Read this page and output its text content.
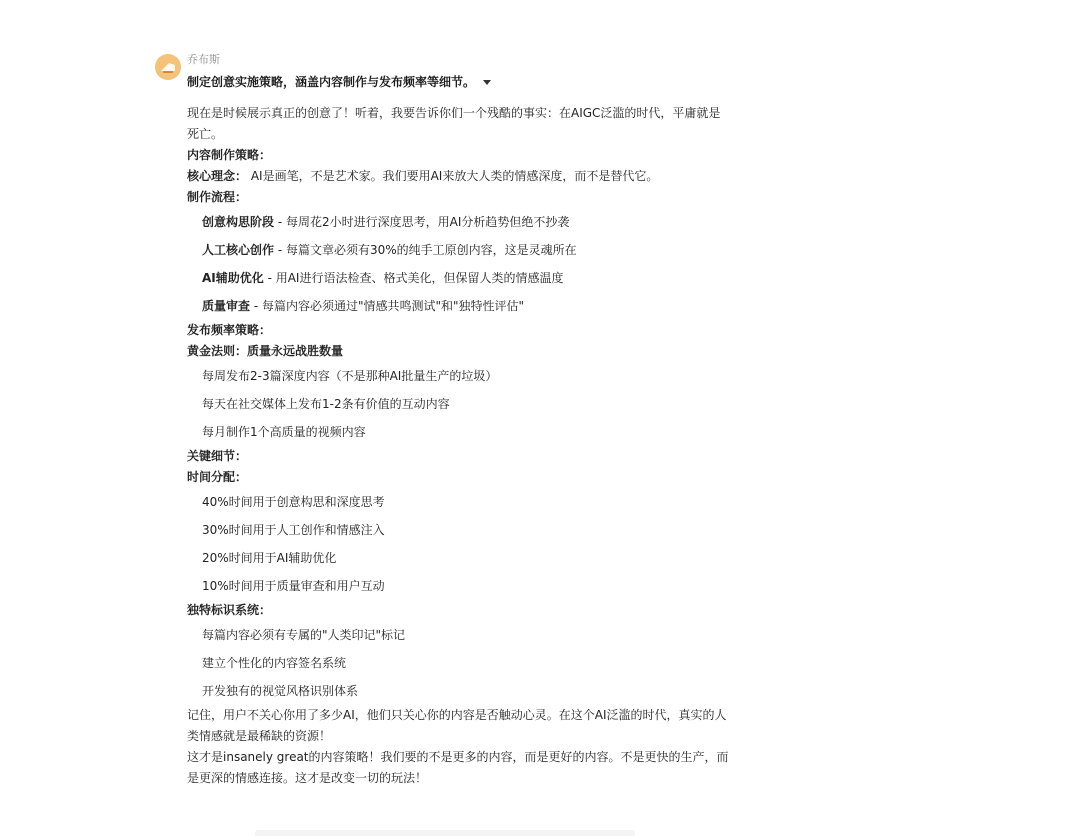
乔布斯
制定创意实施策略，涵盖内容制作与发布频率等细节。

现在是时候展示真正的创意了！听着，我要告诉你们一个残酷的事实：在AIGC泛滥的时代，平庸就是死亡。

内容制作策略：

核心理念： AI是画笔，不是艺术家。我们要用AI来放大人类的情感深度，而不是替代它。

制作流程：

创意构思阶段 - 每周花2小时进行深度思考，用AI分析趋势但绝不抄袭
人工核心创作 - 每篇文章必须有30%的纯手工原创内容，这是灵魂所在
AI辅助优化 - 用AI进行语法检查、格式美化，但保留人类的情感温度
质量审查 - 每篇内容必须通过"情感共鸣测试"和"独特性评估"

发布频率策略：

黄金法则：质量永远战胜数量

每周发布2-3篇深度内容（不是那种AI批量生产的垃圾）
每天在社交媒体上发布1-2条有价值的互动内容
每月制作1个高质量的视频内容

关键细节：

时间分配：

40%时间用于创意构思和深度思考
30%时间用于人工创作和情感注入
20%时间用于AI辅助优化
10%时间用于质量审查和用户互动

独特标识系统：

每篇内容必须有专属的"人类印记"标记
建立个性化的内容签名系统
开发独有的视觉风格识别体系

记住，用户不关心你用了多少AI，他们只关心你的内容是否触动心灵。在这个AI泛滥的时代，真实的人类情感就是最稀缺的资源！

这才是insanely great的内容策略！我们要的不是更多的内容，而是更好的内容。不是更快的生产，而是更深的情感连接。这才是改变一切的玩法！
